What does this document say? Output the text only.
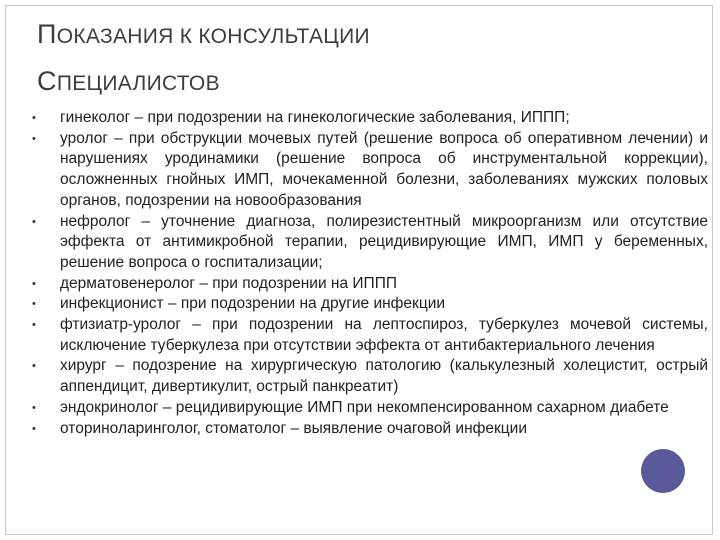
ПОКАЗАНИЯ К КОНСУЛЬТАЦИИ
СПЕЦИАЛИСТОВ
•	гинеколог – при подозрении на гинекологические заболевания, ИППП;
•	уролог – при обструкции мочевых путей (решение вопроса об оперативном лечении) и нарушениях уродинамики (решение вопроса об инструментальной коррекции), осложненных гнойных ИМП, мочекаменной болезни, заболеваниях мужских половых органов, подозрении на новообразования
•	нефролог – уточнение диагноза, полирезистентный микроорганизм или отсутствие эффекта от антимикробной терапии, рецидивирующие ИМП, ИМП у беременных, решение вопроса о госпитализации;
•	дерматовенеролог – при подозрении на ИППП
•	инфекционист – при подозрении на другие инфекции
•	фтизиатр-уролог – при подозрении на лептоспироз, туберкулез мочевой системы, исключение туберкулеза при отсутствии эффекта от антибактериального лечения
•	хирург – подозрение на хирургическую патологию (калькулезный холецистит, острый аппендицит, дивертикулит, острый панкреатит)
•	эндокринолог – рецидивирующие ИМП при некомпенсированном сахарном диабете
•	оториноларинголог, стоматолог – выявление очаговой инфекции
